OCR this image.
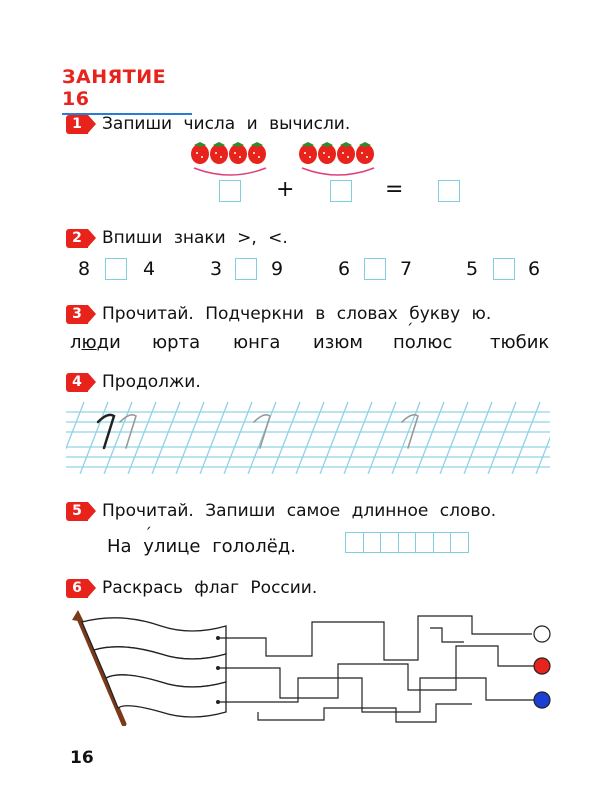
ЗАНЯТИЕ 16
1	Запиши числа и вычисли.
+	=
2	Впиши знаки >, <.
8	4	3	9	6	7	5	6
3	Прочитай. Подчеркни в словах букву ю.
люди юрта юнга изюм п´ олюс тюбик
4	Продолжи.
5	Прочитай. Запиши самое длинное слово.
На ´ улице гололёд.
6	Раскрась флаг России.
16
